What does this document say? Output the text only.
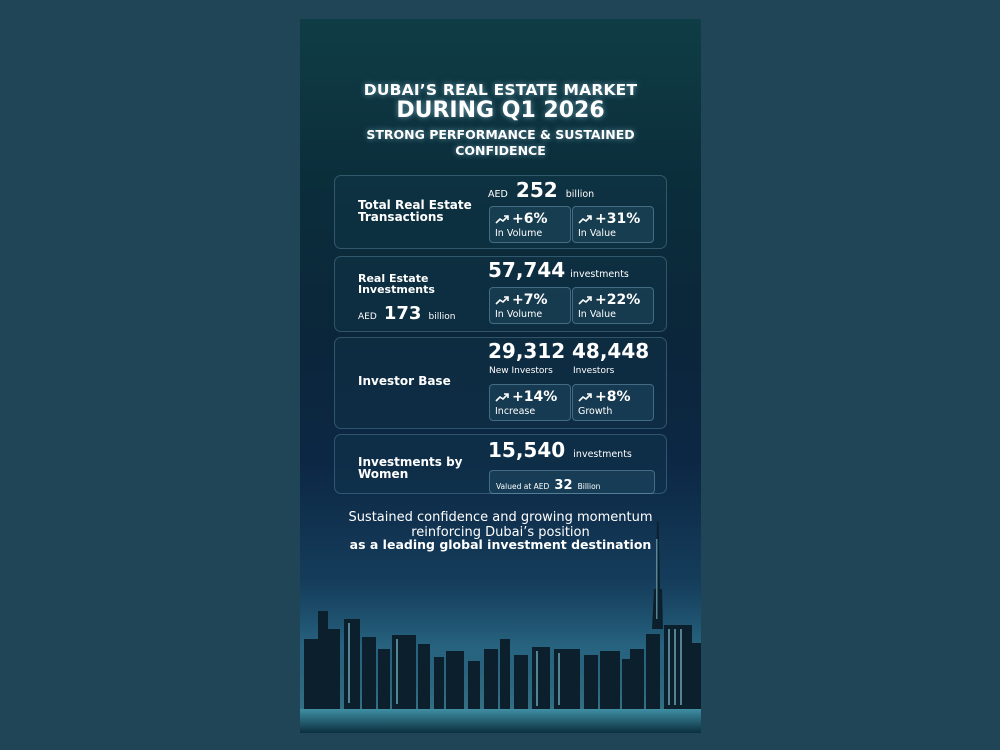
DUBAI’S REAL ESTATE MARKET
DURING Q1 2026
STRONG PERFORMANCE & SUSTAINED CONFIDENCE
Total Real Estate Transactions
AED 252 billion
+6%
In Volume
+31%
In Value
Real Estate Investments
AED 173 billion
57,744 investments
+7%
In Volume
+22%
In Value
Investor Base
29,312
New Investors
48,448
Investors
+14%
Increase
+8%
Growth
Investments by Women
15,540 investments
Valued at AED 32 Billion
Sustained confidence and growing momentum
reinforcing Dubai’s position
as a leading global investment destination
